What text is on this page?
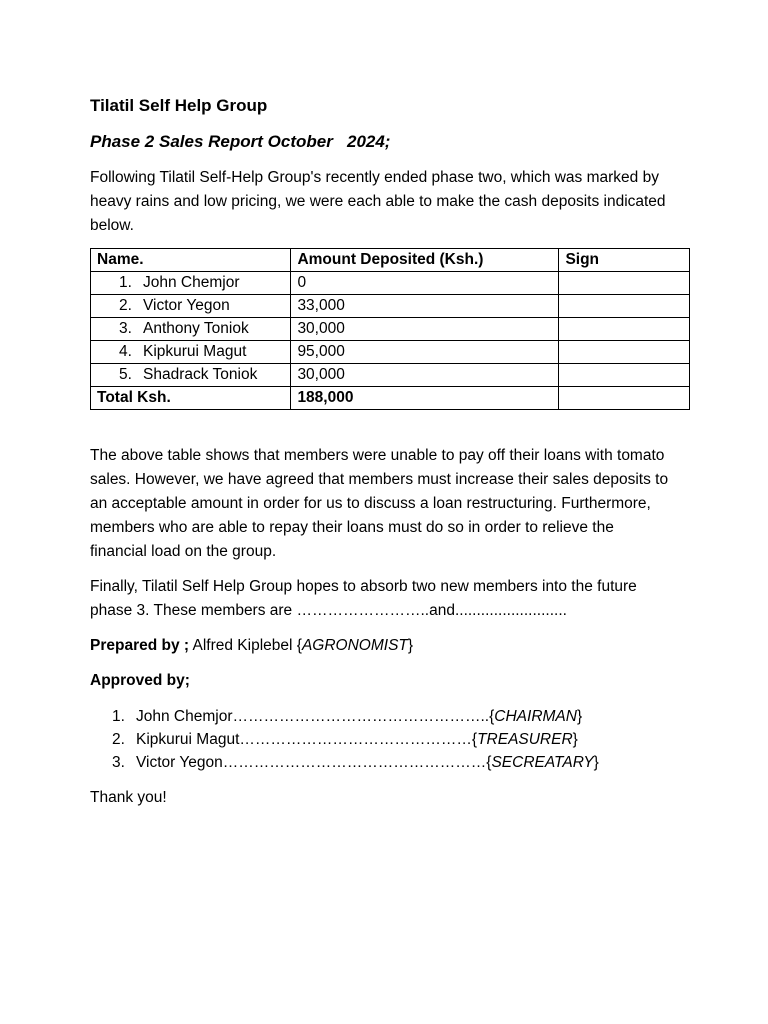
Tilatil Self Help Group

Phase 2 Sales Report October   2024;

Following Tilatil Self-Help Group's recently ended phase two, which was marked by heavy rains and low pricing, we were each able to make the cash deposits indicated below.

Name.	Amount Deposited (Ksh.)	Sign
1. John Chemjor	0	
2. Victor Yegon	33,000	
3. Anthony Toniok	30,000	
4. Kipkurui Magut	95,000	
5. Shadrack Toniok	30,000	
Total Ksh.	188,000	

The above table shows that members were unable to pay off their loans with tomato sales. However, we have agreed that members must increase their sales deposits to an acceptable amount in order for us to discuss a loan restructuring. Furthermore, members who are able to repay their loans must do so in order to relieve the financial load on the group.

Finally, Tilatil Self Help Group hopes to absorb two new members into the future phase 3. These members are ……………………..and..........................

Prepared by ; Alfred Kiplebel {AGRONOMIST}

Approved by;

1. John Chemjor…………………………………………..{CHAIRMAN}
2. Kipkurui Magut………………………………………{TREASURER}
3. Victor Yegon……………………………………………{SECREATARY}

Thank you!
